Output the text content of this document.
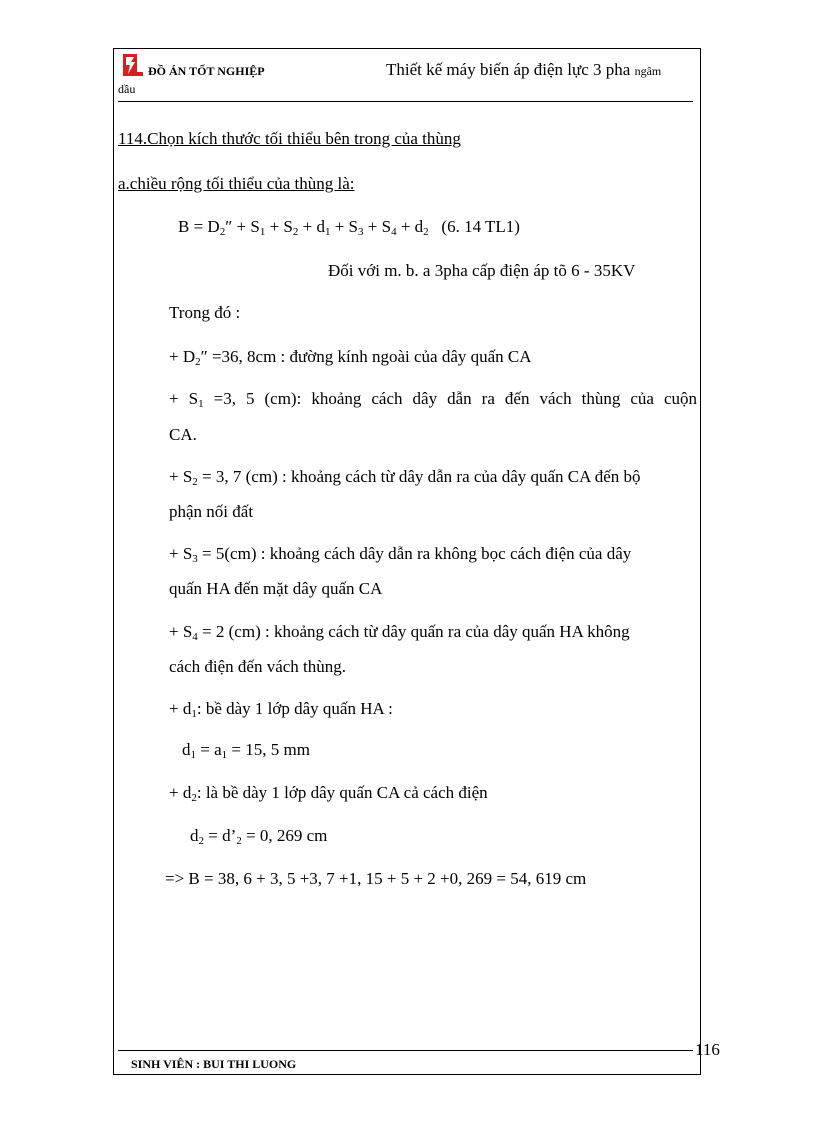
ĐỒ ÁN TỐT NGHIỆP	Thiết kế máy biến áp điện lực 3 pha ngâm
dầu
114.Chọn kích thước tối thiểu bên trong của thùng
a.chiều rộng tối thiểu của thùng là:
$B = D_2'' + S_1 + S_2 + d_1 + S_3 + S_4 + d_2$ (6. 14 TL1)
Đối với m. b. a 3pha cấp điện áp tõ 6 - 35KV
Trong đó :
+ $D_2'' =36$, 8cm : đường kính ngoài của dây quấn CA
+ $S_1 =3$, 5 (cm): khoảng cách dây dẫn ra đến vách thùng của cuộn
CA.
+ $S_2 = 3$, 7 (cm) : khoảng cách từ dây dẫn ra của dây quấn CA đến bộ
phận nối đất
+ $S_3 = 5(cm)$ : khoảng cách dây dẫn ra không bọc cách điện của dây
quấn HA đến mặt dây quấn CA
+ $S_4 = 2$ (cm) : khoảng cách từ dây quấn ra của dây quấn HA không
cách điện đến vách thùng.
+ $d_1$: bề dày 1 lớp dây quấn HA :
$d_1 = a_1 = 15$, 5 mm
+ $d_2$: là bề dày 1 lớp dây quấn CA cả cách điện
$d_2$ = $d’_2 = 0$, 269 cm
=> B = 38, 6 + 3, 5 +3, 7 +1, 15 + 5 + 2 +0, 269 = 54, 619 cm
116
SINH VIÊN : BUI THI LUONG
